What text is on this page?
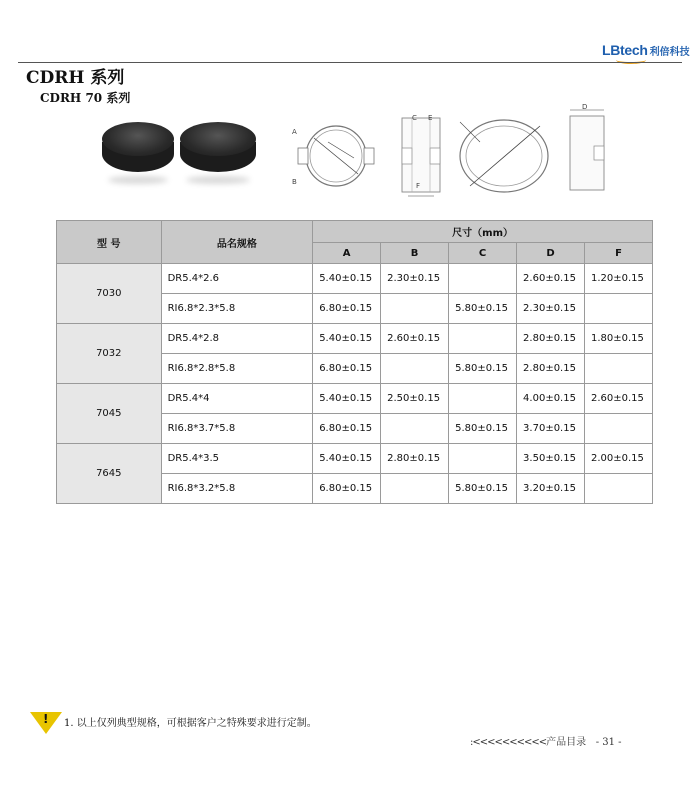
LBtech 利倍科技
CDRH 系列
CDRH 70 系列
A
B
C E
F
D
型 号	品名规格	尺寸（mm）				
		A	B	C	D	F
7030	DR5.4*2.6	5.40±0.15	2.30±0.15		2.60±0.15	1.20±0.15
	RI6.8*2.3*5.8	6.80±0.15		5.80±0.15	2.30±0.15	
7032	DR5.4*2.8	5.40±0.15	2.60±0.15		2.80±0.15	1.80±0.15
	RI6.8*2.8*5.8	6.80±0.15		5.80±0.15	2.80±0.15	
7045	DR5.4*4	5.40±0.15	2.50±0.15		4.00±0.15	2.60±0.15
	RI6.8*3.7*5.8	6.80±0.15		5.80±0.15	3.70±0.15	
7645	DR5.4*3.5	5.40±0.15	2.80±0.15		3.50±0.15	2.00±0.15
	RI6.8*3.2*5.8	6.80±0.15		5.80±0.15	3.20±0.15	
! 1. 以上仅列典型规格，可根据客户之特殊要求进行定制。
:<<<<<<<<<<产品目录 - 31 -
